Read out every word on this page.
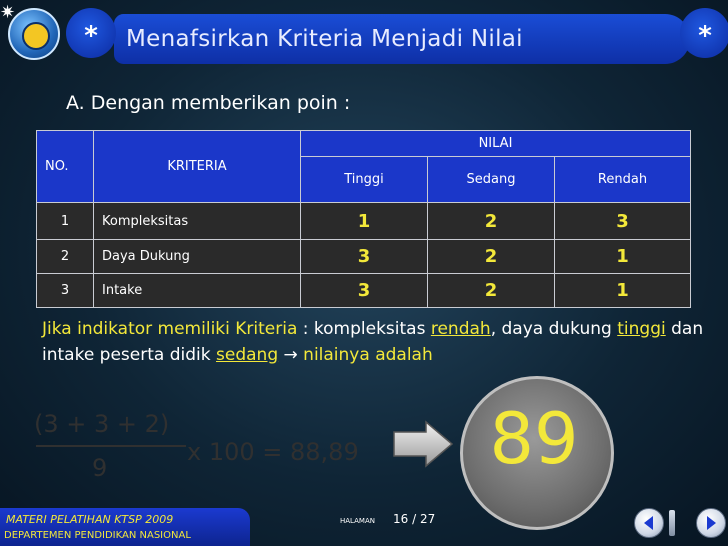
✷
*	*
Menafsirkan Kriteria Menjadi Nilai
A. Dengan memberikan poin :
NO.	KRITERIA	NILAI		
		Tinggi	Sedang	Rendah
1	Kompleksitas	1	2	3
2	Daya Dukung	3	2	1
3	Intake	3	2	1
Jika indikator memiliki Kriteria : kompleksitas rendah, daya dukung tinggi dan intake peserta didik sedang → nilainya adalah
(3 + 3 + 2)
9
x 100 = 88,89	89
MATERI PELATIHAN KTSP 2009
DEPARTEMEN PENDIDIKAN NASIONAL
HALAMAN 16 / 27
